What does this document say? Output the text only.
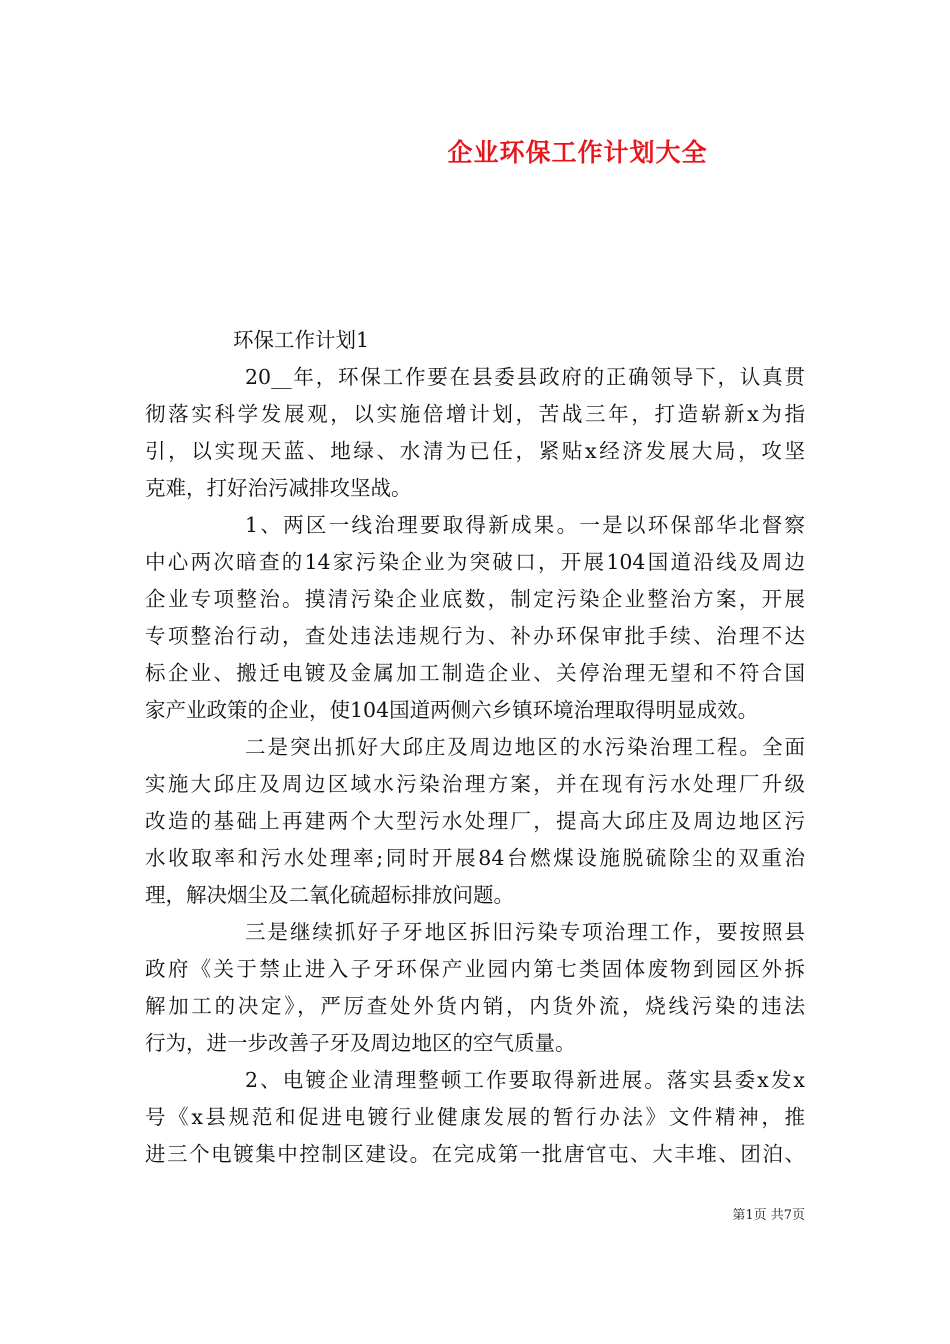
企业环保工作计划大全
环保工作计划1
20__年，环保工作要在县委县政府的正确领导下，认真贯
彻落实科学发展观，以实施倍增计划，苦战三年，打造崭新x为指
引，以实现天蓝、地绿、水清为已任，紧贴x经济发展大局，攻坚
克难，打好治污减排攻坚战。
1、两区一线治理要取得新成果。一是以环保部华北督察
中心两次暗查的14家污染企业为突破口，开展104国道沿线及周边
企业专项整治。摸清污染企业底数，制定污染企业整治方案，开展
专项整治行动，查处违法违规行为、补办环保审批手续、治理不达
标企业、搬迁电镀及金属加工制造企业、关停治理无望和不符合国
家产业政策的企业，使104国道两侧六乡镇环境治理取得明显成效。
二是突出抓好大邱庄及周边地区的水污染治理工程。全面
实施大邱庄及周边区域水污染治理方案，并在现有污水处理厂升级
改造的基础上再建两个大型污水处理厂，提高大邱庄及周边地区污
水收取率和污水处理率;同时开展84台燃煤设施脱硫除尘的双重治
理，解决烟尘及二氧化硫超标排放问题。
三是继续抓好子牙地区拆旧污染专项治理工作，要按照县
政府《关于禁止进入子牙环保产业园内第七类固体废物到园区外拆
解加工的决定》，严厉查处外货内销，内货外流，烧线污染的违法
行为，进一步改善子牙及周边地区的空气质量。
2、电镀企业清理整顿工作要取得新进展。落实县委x发x
号《x县规范和促进电镀行业健康发展的暂行办法》文件精神，推
进三个电镀集中控制区建设。在完成第一批唐官屯、大丰堆、团泊、
第1页 共7页
